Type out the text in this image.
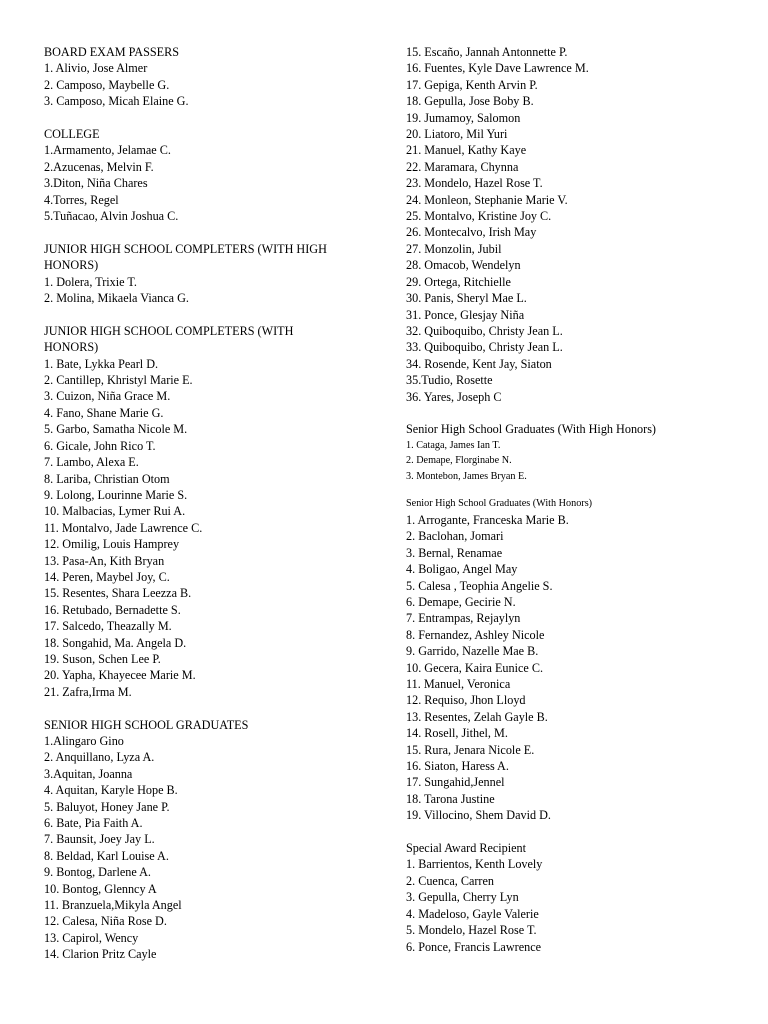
BOARD EXAM PASSERS

1. Alivio, Jose Almer

2. Camposo, Maybelle G.

3. Camposo, Micah Elaine G.

COLLEGE

1.Armamento, Jelamae C.

2.Azucenas, Melvin F.

3.Diton, Niña Chares

4.Torres, Regel

5.Tuñacao, Alvin Joshua C.

JUNIOR HIGH SCHOOL COMPLETERS (WITH HIGH HONORS)

1. Dolera, Trixie T.

2. Molina, Mikaela Vianca G.

JUNIOR HIGH SCHOOL COMPLETERS (WITH HONORS)

1. Bate, Lykka Pearl D.

2. Cantillep, Khristyl Marie E.

3. Cuizon, Niña Grace M.

4. Fano, Shane Marie G.

5. Garbo, Samatha Nicole M.

6. Gicale, John Rico T.

7. Lambo, Alexa E.

8. Lariba, Christian Otom

9. Lolong, Lourinne Marie S.

10. Malbacias, Lymer Rui A.

11. Montalvo, Jade Lawrence C.

12. Omilig, Louis Hamprey

13. Pasa-An, Kith Bryan

14. Peren, Maybel Joy, C.

15. Resentes, Shara Leezza B.

16. Retubado, Bernadette S.

17. Salcedo, Theazally M.

18. Songahid, Ma. Angela D.

19. Suson, Schen Lee P.

20. Yapha, Khayecee Marie M.

21. Zafra,Irma M.

SENIOR HIGH SCHOOL GRADUATES

1.Alingaro Gino

2. Anquillano, Lyza A.

3.Aquitan, Joanna

4. Aquitan, Karyle Hope B.

5. Baluyot, Honey Jane P.

6. Bate, Pia Faith A.

7. Baunsit, Joey Jay L.

8. Beldad, Karl Louise A.

9. Bontog, Darlene A.

10. Bontog, Glenncy A

11. Branzuela,Mikyla Angel

12. Calesa, Niña Rose D.

13. Capirol, Wency

14. Clarion Pritz Cayle

15. Escaño, Jannah Antonnette P.

16. Fuentes, Kyle Dave Lawrence M.

17. Gepiga, Kenth Arvin P.

18. Gepulla, Jose Boby B.

19. Jumamoy, Salomon

20. Liatoro, Mil Yuri

21. Manuel, Kathy Kaye

22. Maramara, Chynna

23. Mondelo, Hazel Rose T.

24. Monleon, Stephanie Marie V.

25. Montalvo, Kristine Joy C.

26. Montecalvo, Irish May

27. Monzolin, Jubil

28. Omacob, Wendelyn

29. Ortega, Ritchielle

30. Panis, Sheryl Mae L.

31. Ponce, Glesjay Niña

32. Quiboquibo, Christy Jean L.

33. Quiboquibo, Christy Jean L.

34. Rosende, Kent Jay, Siaton

35.Tudio, Rosette

36. Yares, Joseph C

Senior High School Graduates (With High Honors)

1. Cataga, James Ian T.

2. Demape, Florginabe N.

3. Montebon, James Bryan E.

Senior High School Graduates (With Honors)

1. Arrogante, Franceska Marie B.

2. Baclohan, Jomari

3. Bernal, Renamae

4. Boligao, Angel May

5. Calesa , Teophia Angelie S.

6. Demape, Gecirie N.

7. Entrampas, Rejaylyn

8. Fernandez, Ashley Nicole

9. Garrido, Nazelle Mae B.

10. Gecera, Kaira Eunice C.

11. Manuel, Veronica

12. Requiso, Jhon Lloyd

13. Resentes, Zelah Gayle B.

14. Rosell, Jithel, M.

15. Rura, Jenara Nicole E.

16. Siaton, Haress A.

17. Sungahid,Jennel

18. Tarona Justine

19. Villocino, Shem David D.

Special Award Recipient

1. Barrientos, Kenth Lovely

2. Cuenca, Carren

3. Gepulla, Cherry Lyn

4. Madeloso, Gayle Valerie

5. Mondelo, Hazel Rose T.

6. Ponce, Francis Lawrence
